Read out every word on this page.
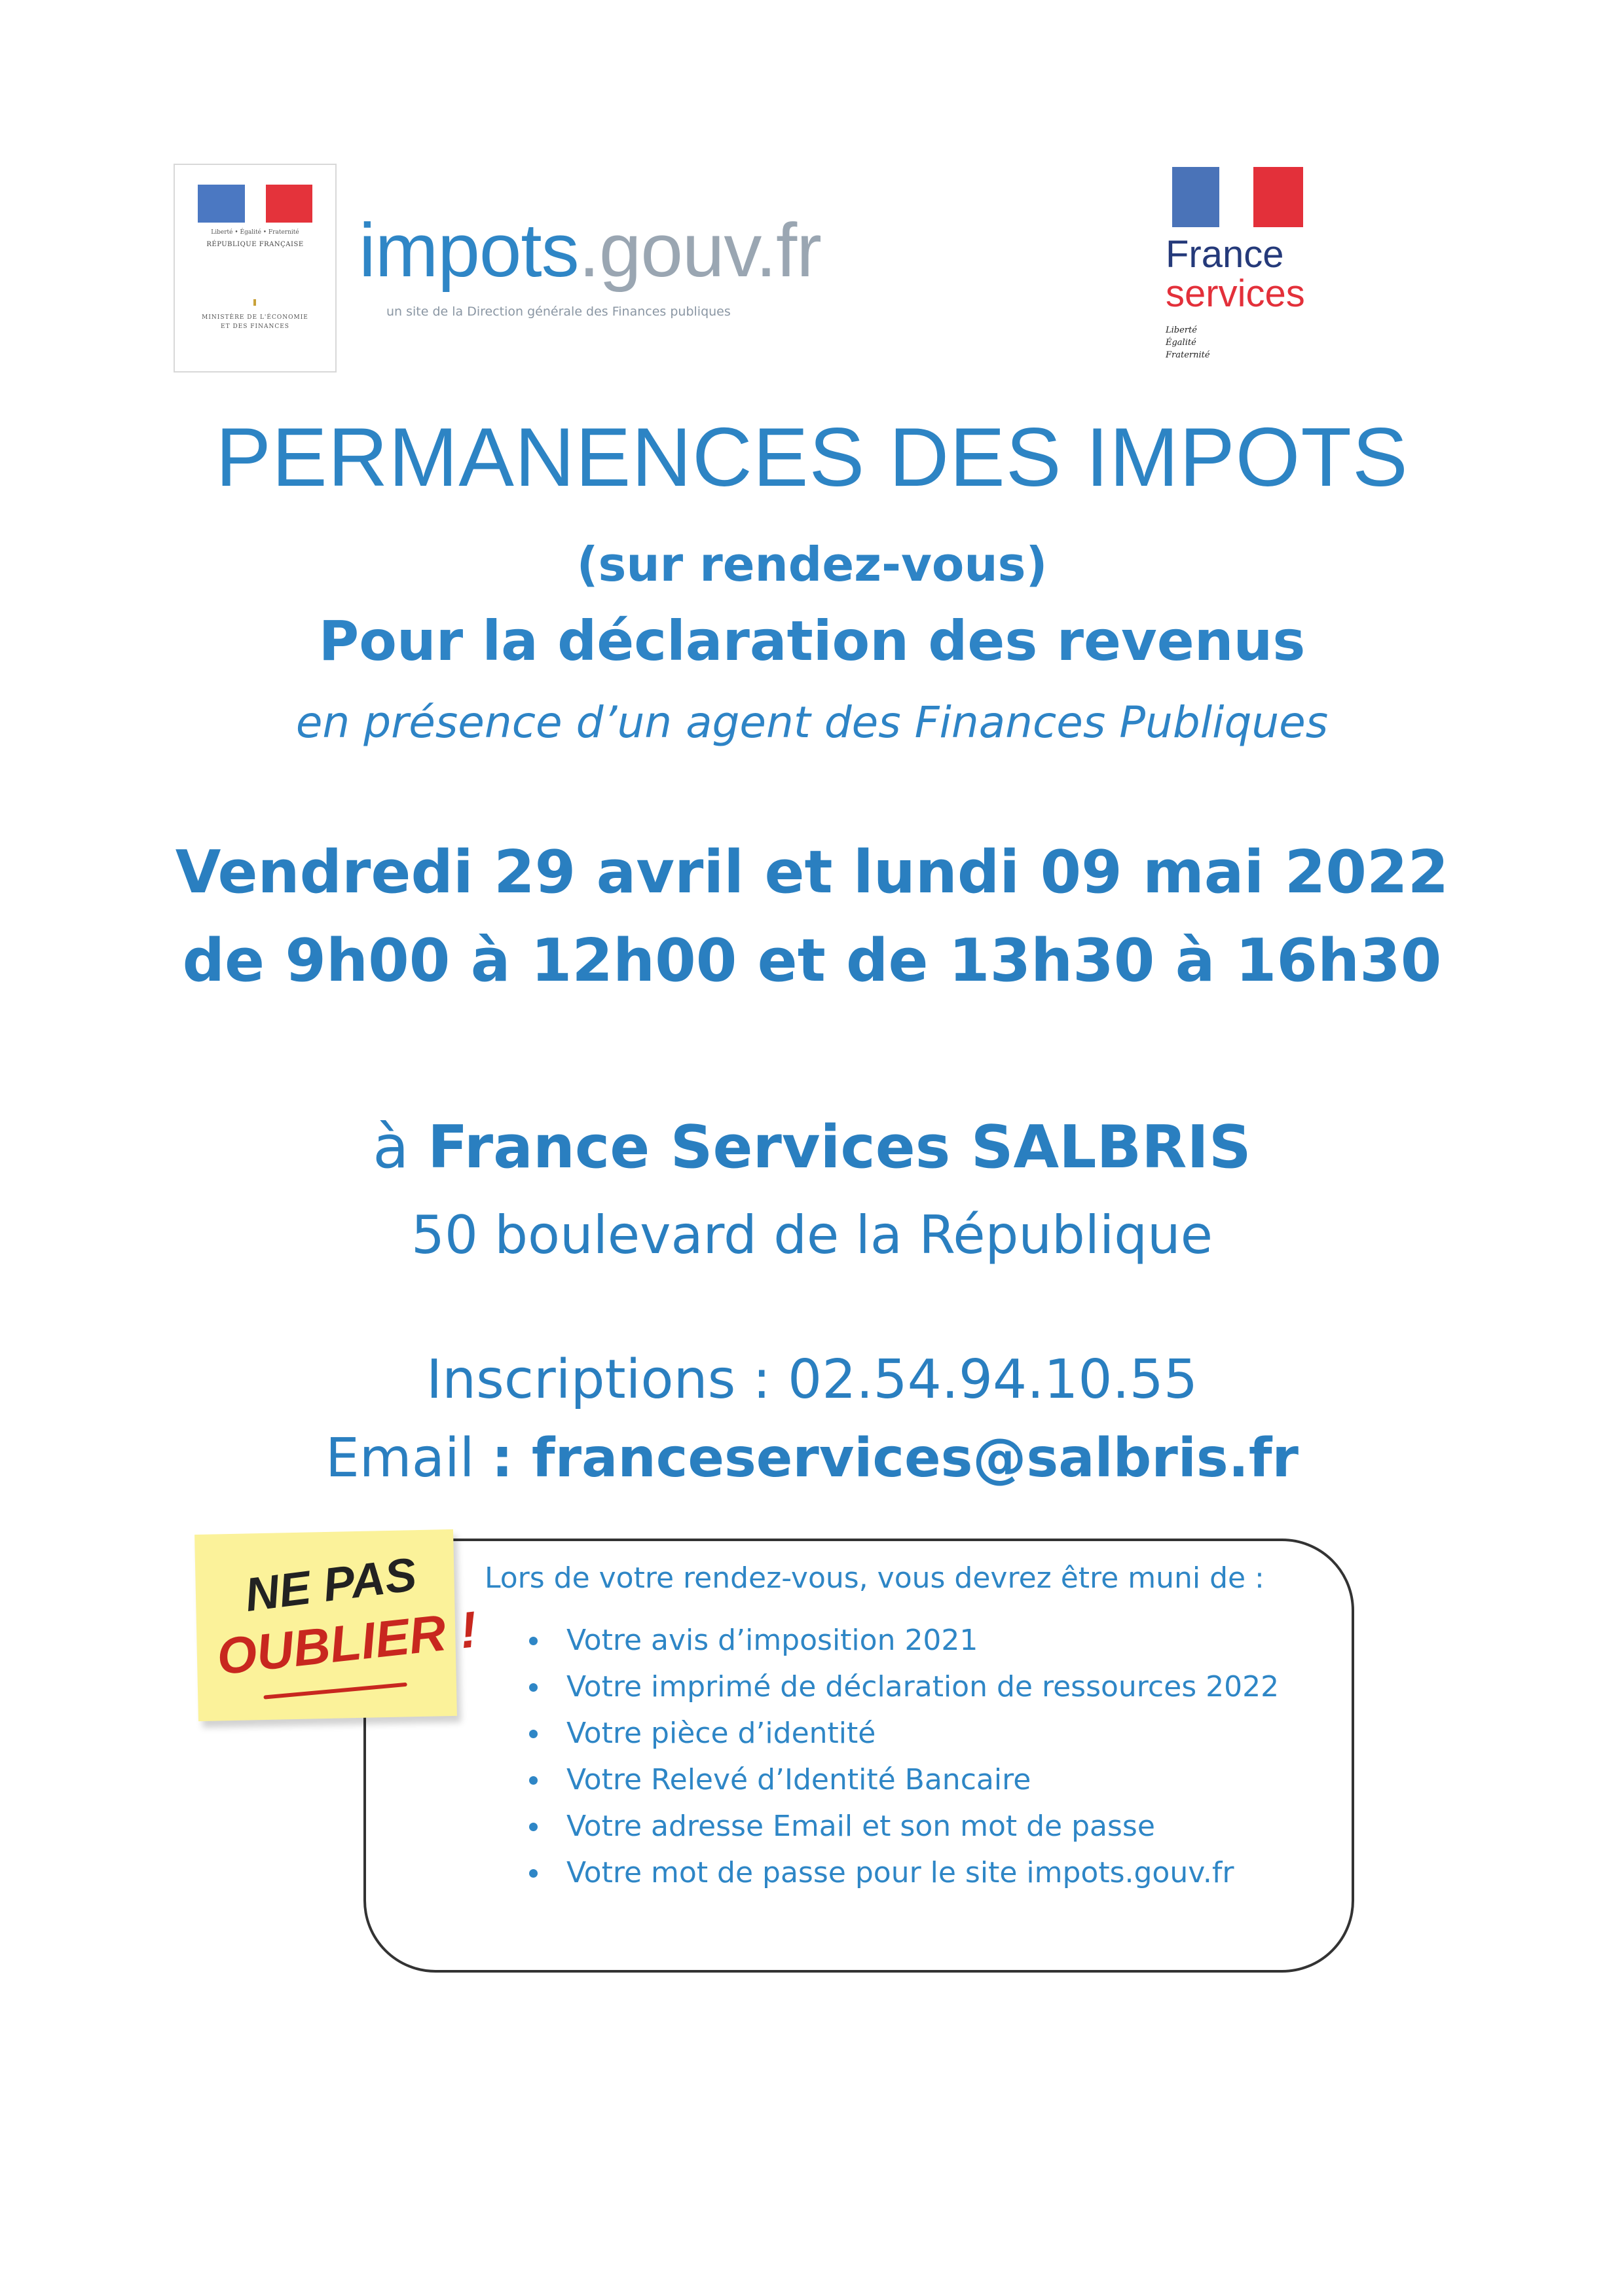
Liberté • Égalité • Fraternité
RÉPUBLIQUE FRANÇAISE
MINISTÈRE DE L'ÉCONOMIE
ET DES FINANCES
impots.gouv.fr
un site de la Direction générale des Finances publiques
France
services
Liberté
Égalité
Fraternité
PERMANENCES DES IMPOTS
(sur rendez-vous)
Pour la déclaration des revenus
en présence d’un agent des Finances Publiques
Vendredi 29 avril et lundi 09 mai 2022
de 9h00 à 12h00 et de 13h30 à 16h30
à France Services SALBRIS
50 boulevard de la République
Inscriptions : 02.54.94.10.55
Email : franceservices@salbris.fr
Lors de votre rendez-vous, vous devrez être muni de :
Votre avis d’imposition 2021
Votre imprimé de déclaration de ressources 2022
Votre pièce d’identité
Votre Relevé d’Identité Bancaire
Votre adresse Email et son mot de passe
Votre mot de passe pour le site impots.gouv.fr
NE PAS
OUBLIER !
